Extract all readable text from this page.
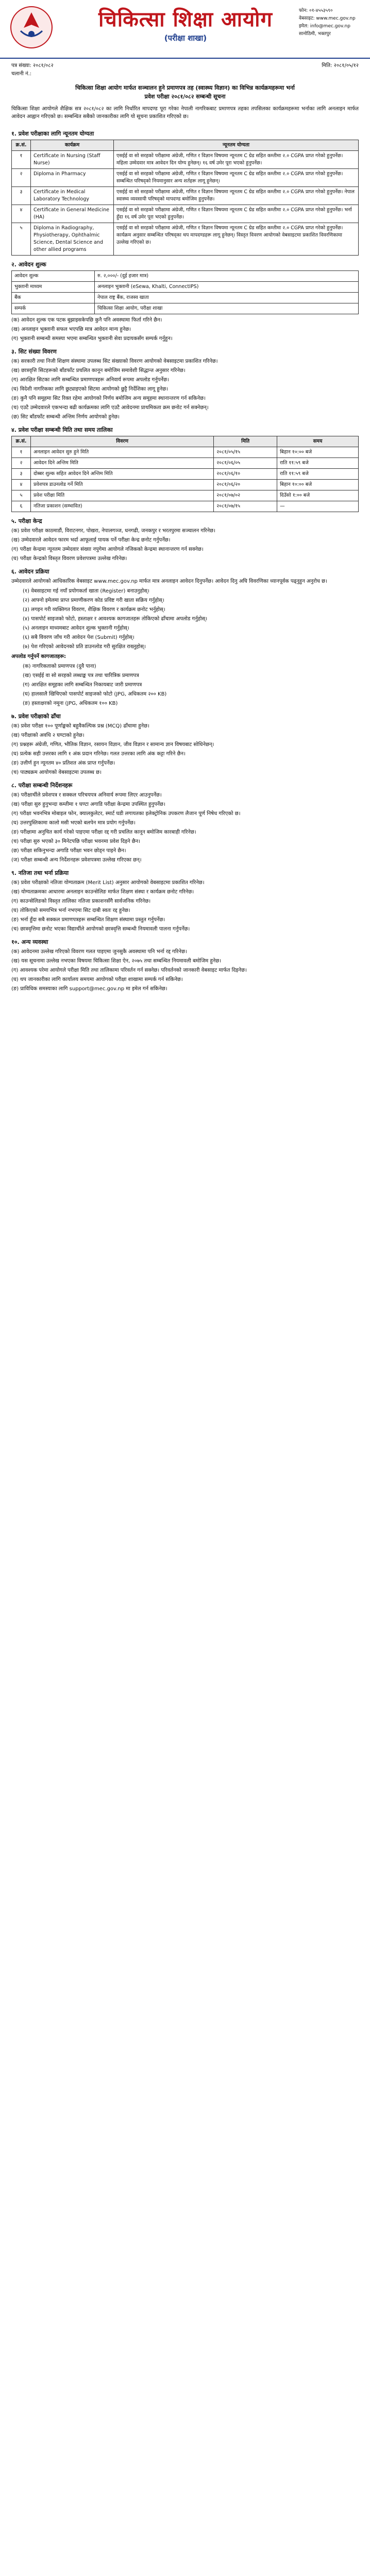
चिकित्सा शिक्षा आयोग
(परीक्षा शाखा)
फोन: ०१-४५५३५९०
वेबसाइट: www.mec.gov.np
इमेल: info@mec.gov.np
सानोठिमी, भक्तपुर
पत्र संख्या: २०८१/०८२
चलानी नं.:
मिति: २०८१/०५/१२
चिकित्सा शिक्षा आयोग मार्फत सञ्चालन हुने प्रमाणपत्र तह (स्वास्थ्य विज्ञान) का विभिन्न कार्यक्रमहरूमा भर्ना
प्रवेश परीक्षा २०८१/०८२ सम्बन्धी सूचना
चिकित्सा शिक्षा आयोगले शैक्षिक सत्र २०८१/०८२ का लागि निर्धारित मापदण्ड पूरा गरेका नेपाली नागरिकबाट प्रमाणपत्र तहका तपसिलका कार्यक्रमहरूमा भर्नाका लागि अनलाइन मार्फत आवेदन आह्वान गरिएको छ। सम्बन्धित सबैको जानकारीका लागि यो सूचना प्रकाशित गरिएको छ।
१. प्रवेश परीक्षाका लागि न्यूनतम योग्यता
क्र.सं.	कार्यक्रम	न्यूनतम योग्यता
१	Certificate in Nursing (Staff Nurse)	एसईई वा सो सरहको परीक्षामा अंग्रेजी, गणित र विज्ञान विषयमा न्यूनतम C ग्रेड सहित कम्तीमा २.० CGPA प्राप्त गरेको हुनुपर्नेछ। महिला उम्मेदवार मात्र आवेदन दिन योग्य हुनेछन्। १६ वर्ष उमेर पूरा भएको हुनुपर्नेछ।
२	Diploma in Pharmacy	एसईई वा सो सरहको परीक्षामा अंग्रेजी, गणित र विज्ञान विषयमा न्यूनतम C ग्रेड सहित कम्तीमा २.० CGPA प्राप्त गरेको हुनुपर्नेछ। सम्बन्धित परिषद्को नियमानुसार अन्य शर्तहरू लागू हुनेछन्।
३	Certificate in Medical Laboratory Technology	एसईई वा सो सरहको परीक्षामा अंग्रेजी, गणित र विज्ञान विषयमा न्यूनतम C ग्रेड सहित कम्तीमा २.० CGPA प्राप्त गरेको हुनुपर्नेछ। नेपाल स्वास्थ्य व्यवसायी परिषद्को मापदण्ड बमोजिम हुनुपर्नेछ।
४	Certificate in General Medicine (HA)	एसईई वा सो सरहको परीक्षामा अंग्रेजी, गणित र विज्ञान विषयमा न्यूनतम C ग्रेड सहित कम्तीमा २.० CGPA प्राप्त गरेको हुनुपर्नेछ। भर्ना हुँदा १६ वर्ष उमेर पूरा भएको हुनुपर्नेछ।
५	Diploma in Radiography, Physiotherapy, Ophthalmic Science, Dental Science and other allied programs	एसईई वा सो सरहको परीक्षामा अंग्रेजी, गणित र विज्ञान विषयमा न्यूनतम C ग्रेड सहित कम्तीमा २.० CGPA प्राप्त गरेको हुनुपर्नेछ। कार्यक्रम अनुसार सम्बन्धित परिषद्का थप मापदण्डहरू लागू हुनेछन्। विस्तृत विवरण आयोगको वेबसाइटमा प्रकाशित विवरणिकामा उल्लेख गरिएको छ।
२. आवेदन शुल्क
आवेदन शुल्क	रु. २,०००/- (दुई हजार मात्र)
भुक्तानी माध्यम	अनलाइन भुक्तानी (eSewa, Khalti, ConnectIPS)
बैंक	नेपाल राष्ट्र बैंक, राजस्व खाता
सम्पर्क	चिकित्सा शिक्षा आयोग, परीक्षा शाखा
(क) आवेदन शुल्क एक पटक बुझाइसकेपछि कुनै पनि अवस्थामा फिर्ता गरिने छैन।
(ख) अनलाइन भुक्तानी सफल भएपछि मात्र आवेदन मान्य हुनेछ।
(ग) भुक्तानी सम्बन्धी समस्या भएमा सम्बन्धित भुक्तानी सेवा प्रदायकसँग सम्पर्क गर्नुहुन।
३. सिट संख्या विवरण
(क) सरकारी तथा निजी शिक्षण संस्थामा उपलब्ध सिट संख्याको विवरण आयोगको वेबसाइटमा प्रकाशित गरिनेछ।
(ख) छात्रवृत्ति सिटहरूको बाँडफाँट प्रचलित कानून बमोजिम समावेशी सिद्धान्त अनुसार गरिनेछ।
(ग) आरक्षित सिटका लागि सम्बन्धित प्रमाणपत्रहरू अनिवार्य रूपमा अपलोड गर्नुपर्नेछ।
(घ) विदेशी नागरिकका लागि छुट्याइएको सिटमा आयोगको छुट्टै निर्देशिका लागू हुनेछ।
(ङ) कुनै पनि समूहमा सिट रिक्त रहेमा आयोगको निर्णय बमोजिम अन्य समूहमा स्थानान्तरण गर्न सकिनेछ।
(च) एउटै उम्मेदवारले एकभन्दा बढी कार्यक्रमका लागि एउटै आवेदनमा प्राथमिकता क्रम छनोट गर्न सक्नेछन्।
(छ) सिट बाँडफाँट सम्बन्धी अन्तिम निर्णय आयोगको हुनेछ।
४. प्रवेश परीक्षा सम्बन्धी मिति तथा समय तालिका
क्र.सं.	विवरण	मिति	समय
१	अनलाइन आवेदन सुरु हुने मिति	२०८१/०५/१५	बिहान १०:०० बजे
२	आवेदन दिने अन्तिम मिति	२०८१/०६/०५	राति ११:५९ बजे
३	दोब्बर शुल्क सहित आवेदन दिने अन्तिम मिति	२०८१/०६/१०	राति ११:५९ बजे
४	प्रवेशपत्र डाउनलोड गर्ने मिति	२०८१/०६/२०	बिहान १०:०० बजे
५	प्रवेश परीक्षा मिति	२०८१/०७/०२	दिउँसो १:०० बजे
६	नतिजा प्रकाशन (सम्भावित)	२०८१/०७/१५	—
५. परीक्षा केन्द्र
(क) प्रवेश परीक्षा काठमाडौं, विराटनगर, पोखरा, नेपालगञ्ज, धनगढी, जनकपुर र भरतपुरमा सञ्चालन गरिनेछ।
(ख) उम्मेदवारले आवेदन फारम भर्दा आफूलाई पायक पर्ने परीक्षा केन्द्र छनोट गर्नुपर्नेछ।
(ग) परीक्षा केन्द्रमा न्यूनतम उम्मेदवार संख्या नपुगेमा आयोगले नजिकको केन्द्रमा स्थानान्तरण गर्न सक्नेछ।
(घ) परीक्षा केन्द्रको विस्तृत विवरण प्रवेशपत्रमा उल्लेख गरिनेछ।
६. आवेदन प्रक्रिया
उम्मेदवारले आयोगको आधिकारिक वेबसाइट www.mec.gov.np मार्फत मात्र अनलाइन आवेदन दिनुपर्नेछ। आवेदन दिनु अघि विवरणिका ध्यानपूर्वक पढ्नुहुन अनुरोध छ।
(१) वेबसाइटमा गई नयाँ प्रयोगकर्ता खाता (Register) बनाउनुहोस्।
(२) आफ्नो इमेलमा प्राप्त प्रमाणीकरण कोड प्रविष्ट गरी खाता सक्रिय गर्नुहोस्।
(३) लगइन गरी व्यक्तिगत विवरण, शैक्षिक विवरण र कार्यक्रम छनोट भर्नुहोस्।
(४) पासपोर्ट साइजको फोटो, हस्ताक्षर र आवश्यक कागजातहरू तोकिएको ढाँचामा अपलोड गर्नुहोस्।
(५) अनलाइन माध्यमबाट आवेदन शुल्क भुक्तानी गर्नुहोस्।
(६) सबै विवरण जाँच गरी आवेदन पेश (Submit) गर्नुहोस्।
(७) पेश गरिएको आवेदनको प्रति डाउनलोड गरी सुरक्षित राख्नुहोस्।
अपलोड गर्नुपर्ने कागजातहरू:
(क) नागरिकताको प्रमाणपत्र (दुवै पाना)
(ख) एसईई वा सो सरहको लब्धाङ्क पत्र तथा चारित्रिक प्रमाणपत्र
(ग) आरक्षित समूहका लागि सम्बन्धित निकायबाट जारी प्रमाणपत्र
(घ) हालसालै खिचिएको पासपोर्ट साइजको फोटो (JPG, अधिकतम २०० KB)
(ङ) हस्ताक्षरको नमूना (JPG, अधिकतम १०० KB)
७. प्रवेश परीक्षाको ढाँचा
(क) प्रवेश परीक्षा १०० पूर्णाङ्कको बहुवैकल्पिक प्रश्न (MCQ) ढाँचामा हुनेछ।
(ख) परीक्षाको अवधि २ घण्टाको हुनेछ।
(ग) प्रश्नहरू अंग्रेजी, गणित, भौतिक विज्ञान, रसायन विज्ञान, जीव विज्ञान र सामान्य ज्ञान विषयबाट सोधिनेछन्।
(घ) प्रत्येक सही उत्तरका लागि १ अंक प्रदान गरिनेछ। गलत उत्तरका लागि अंक कट्टा गरिने छैन।
(ङ) उत्तीर्ण हुन न्यूनतम ४० प्रतिशत अंक प्राप्त गर्नुपर्नेछ।
(च) पाठ्यक्रम आयोगको वेबसाइटमा उपलब्ध छ।
८. परीक्षा सम्बन्धी निर्देशनहरू
(क) परीक्षार्थीले प्रवेशपत्र र सक्कल परिचयपत्र अनिवार्य रूपमा लिएर आउनुपर्नेछ।
(ख) परीक्षा सुरु हुनुभन्दा कम्तीमा १ घण्टा अगाडि परीक्षा केन्द्रमा उपस्थित हुनुपर्नेछ।
(ग) परीक्षा भवनभित्र मोबाइल फोन, क्यालकुलेटर, स्मार्ट घडी लगायतका इलेक्ट्रोनिक उपकरण लैजान पूर्ण निषेध गरिएको छ।
(घ) उत्तरपुस्तिकामा कालो मसी भएको बलपेन मात्र प्रयोग गर्नुपर्नेछ।
(ङ) परीक्षामा अनुचित कार्य गरेको पाइएमा परीक्षा रद्द गरी प्रचलित कानून बमोजिम कारबाही गरिनेछ।
(च) परीक्षा सुरु भएको ३० मिनेटपछि परीक्षा भवनमा प्रवेश दिइने छैन।
(छ) परीक्षा सकिनुभन्दा अगाडि परीक्षा भवन छोड्न पाइने छैन।
(ज) परीक्षा सम्बन्धी अन्य निर्देशनहरू प्रवेशपत्रमा उल्लेख गरिएका छन्।
९. नतिजा तथा भर्ना प्रक्रिया
(क) प्रवेश परीक्षाको नतिजा योग्यताक्रम (Merit List) अनुसार आयोगको वेबसाइटमा प्रकाशित गरिनेछ।
(ख) योग्यताक्रमका आधारमा अनलाइन काउन्सेलिङ मार्फत शिक्षण संस्था र कार्यक्रम छनोट गरिनेछ।
(ग) काउन्सेलिङको विस्तृत तालिका नतिजा प्रकाशनसँगै सार्वजनिक गरिनेछ।
(घ) तोकिएको समयभित्र भर्ना नभएमा सिट दाबी स्वतः रद्द हुनेछ।
(ङ) भर्ना हुँदा सबै सक्कल प्रमाणपत्रहरू सम्बन्धित शिक्षण संस्थामा प्रस्तुत गर्नुपर्नेछ।
(च) छात्रवृत्तिमा छनोट भएका विद्यार्थीले आयोगको छात्रवृत्ति सम्बन्धी नियमावली पालना गर्नुपर्नेछ।
१०. अन्य व्यवस्था
(क) आवेदनमा उल्लेख गरिएको विवरण गलत पाइएमा जुनसुकै अवस्थामा पनि भर्ना रद्द गरिनेछ।
(ख) यस सूचनामा उल्लेख नभएका विषयमा चिकित्सा शिक्षा ऐन, २०७५ तथा सम्बन्धित नियमावली बमोजिम हुनेछ।
(ग) आवश्यक परेमा आयोगले परीक्षा मिति तथा तालिकामा परिवर्तन गर्न सक्नेछ। परिवर्तनको जानकारी वेबसाइट मार्फत दिइनेछ।
(घ) थप जानकारीका लागि कार्यालय समयमा आयोगको परीक्षा शाखामा सम्पर्क गर्न सकिनेछ।
(ङ) प्राविधिक समस्याका लागि support@mec.gov.np मा इमेल गर्न सकिनेछ।
